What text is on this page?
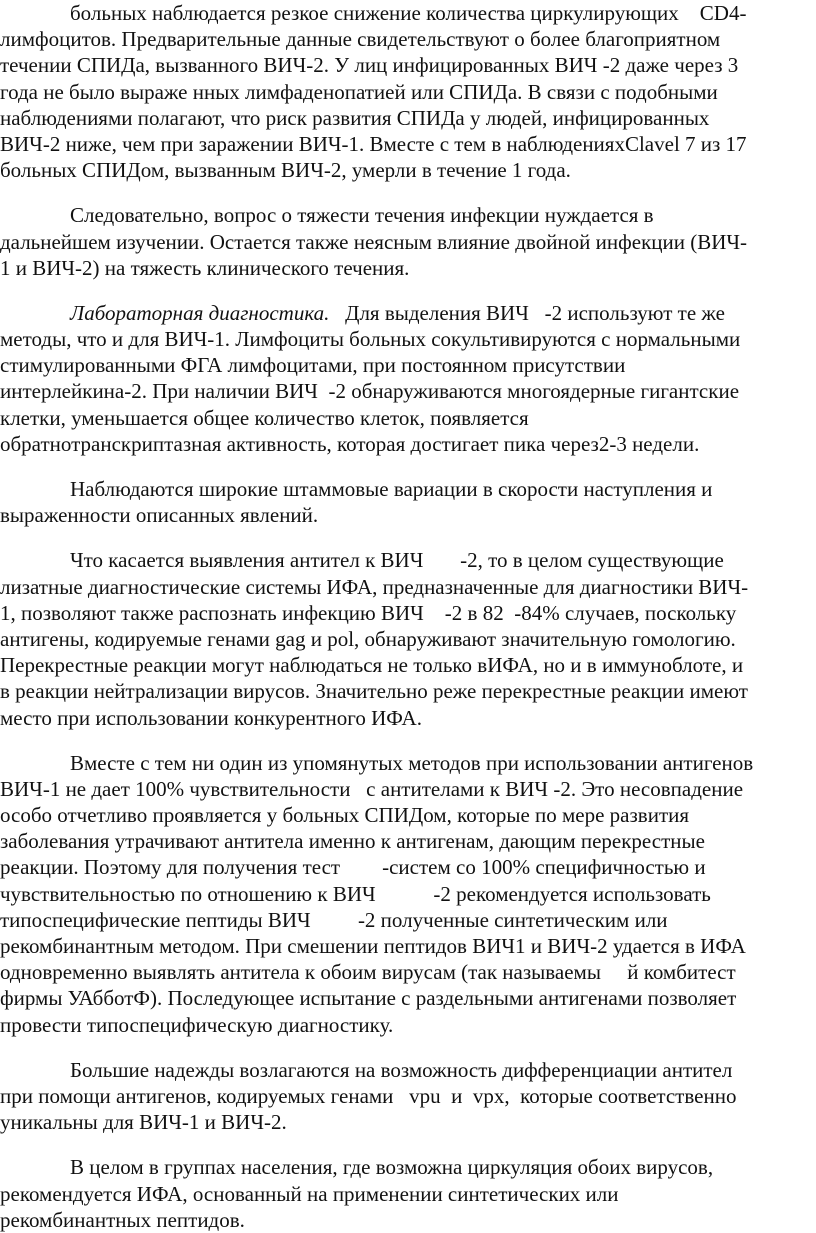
больных наблюдается резкое снижение количества циркулирующих    CD4-
лимфоцитов. Предварительные данные свидетельствуют о более благоприятном
течении СПИДа, вызванного ВИЧ-2. У лиц инфицированных ВИЧ -2 даже через 3
года не было выраже нных лимфаденопатией или СПИДа. В связи с подобными
наблюдениями полагают, что риск развития СПИДа у людей, инфицированных
ВИЧ-2 ниже, чем при заражении ВИЧ-1. Вместе с тем в наблюденияхClavel 7 из 17
больных СПИДом, вызванным ВИЧ-2, умерли в течение 1 года.
Следовательно, вопрос о тяжести течения инфекции нуждается в
дальнейшем изучении. Остается также неясным влияние двойной инфекции (ВИЧ-
1 и ВИЧ-2) на тяжесть клинического течения.
Лабораторная диагностика.   Для выделения ВИЧ   -2 используют те же
методы, что и для ВИЧ-1. Лимфоциты больных сокультивируются с нормальными
стимулированными ФГА лимфоцитами, при постоянном присутствии
интерлейкина-2. При наличии ВИЧ  -2 обнаруживаются многоядерные гигантские
клетки, уменьшается общее количество клеток, появляется
обратнотранскриптазная активность, которая достигает пика через2-3 недели.
Наблюдаются широкие штаммовые вариации в скорости наступления и
выраженности описанных явлений.
Что касается выявления антител к ВИЧ       -2, то в целом существующие
лизатные диагностические системы ИФА, предназначенные для диагностики ВИЧ-
1, позволяют также распознать инфекцию ВИЧ    -2 в 82  -84% случаев, поскольку
антигены, кодируемые генами gag и pol, обнаруживают значительную гомологию.
Перекрестные реакции могут наблюдаться не только вИФА, но и в иммуноблоте, и
в реакции нейтрализации вирусов. Значительно реже перекрестные реакции имеют
место при использовании конкурентного ИФА.
Вместе с тем ни один из упомянутых методов при использовании антигенов
ВИЧ-1 не дает 100% чувствительности   с антителами к ВИЧ -2. Это несовпадение
особо отчетливо проявляется у больных СПИДом, которые по мере развития
заболевания утрачивают антитела именно к антигенам, дающим перекрестные
реакции. Поэтому для получения тест        -систем со 100% специфичностью и
чувствительностью по отношению к ВИЧ           -2 рекомендуется использовать
типоспецифические пептиды ВИЧ         -2 полученные синтетическим или
рекомбинантным методом. При смешении пептидов ВИЧ1 и ВИЧ-2 удается в ИФА
одновременно выявлять антитела к обоим вирусам (так называемы     й комбитест
фирмы УАбботФ). Последующее испытание с раздельными антигенами позволяет
провести типоспецифическую диагностику.
Большие надежды возлагаются на возможность дифференциации антител
при помощи антигенов, кодируемых генами   vpu  и  vpx,  которые соответственно
уникальны для ВИЧ-1 и ВИЧ-2.
В целом в группах населения, где возможна циркуляция обоих вирусов,
рекомендуется ИФА, основанный на применении синтетических или
рекомбинантных пептидов.
